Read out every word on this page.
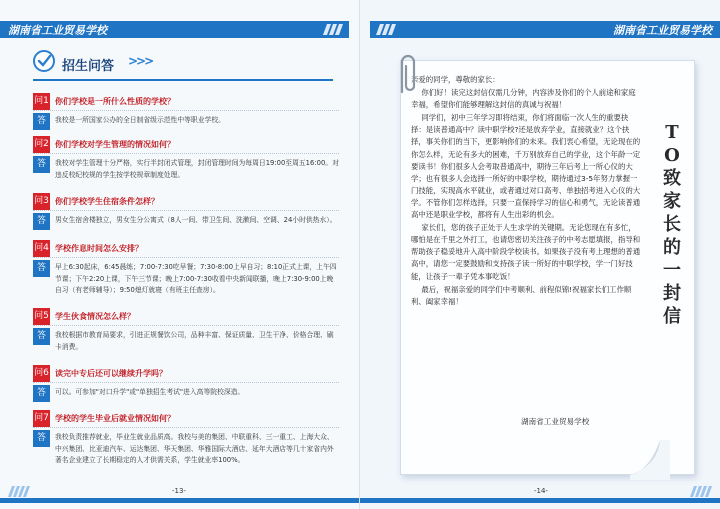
湖南省工业贸易学校
招生问答 >>>
问1 你们学校是一所什么性质的学校？
答	我校是一所国家公办的全日制省级示范性中等职业学校。
问2 你们学校对学生管理的情况如何？
答	我校对学生管理十分严格，实行半封闭式管理，封闭管理时间为每周日19:00至周五16:00。对违反校纪校规的学生按学校规章制度处理。
问3 你们学校学生住宿条件怎样？
答	男女生宿舍楼独立，男女生分公寓式（8人一间、带卫生间、洗漱间、空调、24小时供热水）。
问4 学校作息时间怎么安排？
答	早上6:30起床，6:45晨练；7:00-7:30吃早餐；7:30-8:00上早自习；8:10正式上课，上午四节课；下午2:20上课，下午三节课；晚上7:00-7:30收看中央新闻联播，晚上7:30-9:00上晚自习（有老师辅导）；9:50熄灯就寝（有班主任查房）。
问5 学生伙食情况怎么样？
答	我校根据市教育局要求，引进正规餐饮公司，品种丰富、保证质量、卫生干净、价格合理、刷卡消费。
问6 读完中专后还可以继续升学吗？
答	可以。可参加"对口升学"或"单独招生考试"进入高等院校深造。
问7 学校的学生毕业后就业情况如何？
答	我校负责推荐就业，毕业生就业品质高。我校与美的集团、中联重科、三一重工、上海大众、中兴集团、比亚迪汽车、运达集团、华天集团、华雅国际大酒店、延年大酒店等几十家省内外著名企业建立了长期稳定的人才供需关系，学生就业率100%。
-13-
湖南省工业贸易学校

亲爱的同学，尊敬的家长：

你们好！读完这封信仅需几分钟，内容涉及你们的个人前途和家庭幸福，希望你们能够理解这封信的真诚与祝福！

同学们，初中三年学习即将结束，你们将面临一次人生的重要抉择：是读普通高中？读中职学校?还是放弃学业，直接就业？这个抉择，事关你们的当下，更影响你们的未来。我们衷心希望，无论现在的你怎么样，无论有多大的困难，千万别放弃自己的学业，这个年龄一定要读书！你们很多人会考取普通高中，期待三年后考上一所心仪的大学；也有很多人会选择一所好的中职学校，期待通过3-5年努力掌握一门技能，实现高水平就业，或者通过对口高考、单独招考进入心仪的大学。不管你们怎样选择，只要一直保持学习的信心和勇气，无论读普通高中还是职业学校，都将有人生出彩的机会。

家长们，您的孩子正处于人生求学的关键期。无论您现在有多忙，哪怕是在千里之外打工，也请您密切关注孩子的中考志愿填报，指导和帮助孩子稳妥地升入高中阶段学校读书。如果孩子没有考上理想的普通高中，请您一定要鼓励和支持孩子读一所好的中职学校，学一门好技能，让孩子一辈子凭本事吃饭！

最后，祝福亲爱的同学们中考顺利、前程似锦!祝福家长们工作顺利、阖家幸福！

湖南省工业贸易学校
TO致家长的一封信
-14-
